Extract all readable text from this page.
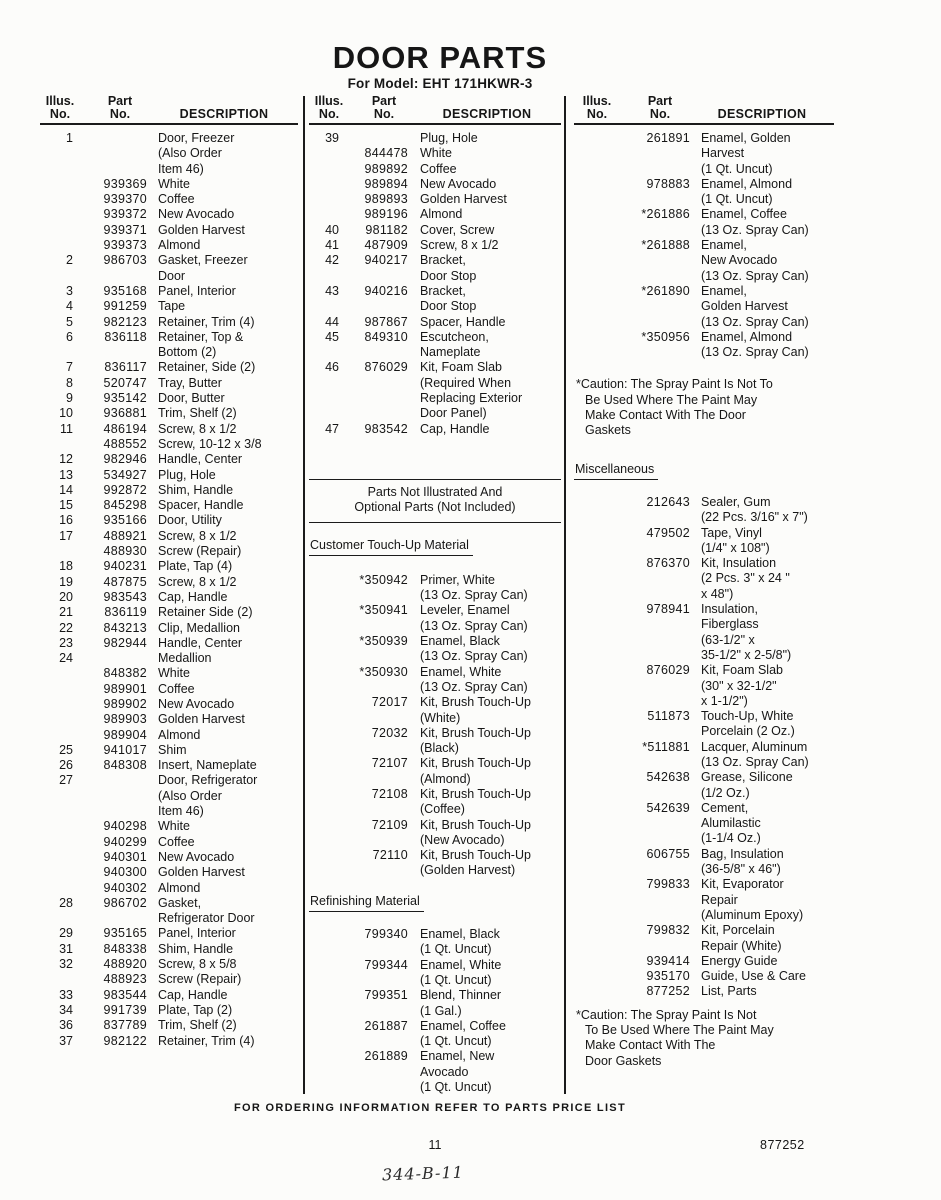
DOOR PARTS
For Model: EHT 171HKWR-3
Illus.
No.
Part
No.	DESCRIPTION
1	Door, Freezer
(Also Order
Item 46)
939369 White
939370 Coffee
939372 New Avocado
939371 Golden Harvest
939373 Almond
2	986703 Gasket, Freezer
Door
3	935168 Panel, Interior
4	991259 Tape
5	982123 Retainer, Trim (4)
6	836118 Retainer, Top &
Bottom (2)
7	836117 Retainer, Side (2)
8	520747 Tray, Butter
9	935142 Door, Butter
10	936881 Trim, Shelf (2)
11	486194 Screw, 8 x 1/2
488552 Screw, 10-12 x 3/8
12	982946 Handle, Center
13	534927 Plug, Hole
14	992872 Shim, Handle
15	845298 Spacer, Handle
16	935166 Door, Utility
17	488921 Screw, 8 x 1/2
488930 Screw (Repair)
18	940231 Plate, Tap (4)
19	487875 Screw, 8 x 1/2
20	983543 Cap, Handle
21	836119 Retainer Side (2)
22	843213 Clip, Medallion
23	982944 Handle, Center
24	Medallion
848382 White
989901 Coffee
989902 New Avocado
989903 Golden Harvest
989904 Almond
25	941017 Shim
26	848308 Insert, Nameplate
27	Door, Refrigerator
(Also Order
Item 46)
940298 White
940299 Coffee
940301 New Avocado
940300 Golden Harvest
940302 Almond
28	986702 Gasket,
Refrigerator Door
29	935165 Panel, Interior
31	848338 Shim, Handle
32	488920 Screw, 8 x 5/8
488923 Screw (Repair)
33	983544 Cap, Handle
34	991739 Plate, Tap (2)
36	837789 Trim, Shelf (2)
37	982122 Retainer, Trim (4)
Illus.
No.
Part
No.	DESCRIPTION
39	Plug, Hole
844478 White
989892 Coffee
989894 New Avocado
989893 Golden Harvest
989196 Almond
40	981182 Cover, Screw
41	487909 Screw, 8 x 1/2
42	940217 Bracket,
Door Stop
43	940216 Bracket,
Door Stop
44	987867 Spacer, Handle
45	849310 Escutcheon,
Nameplate
46	876029 Kit, Foam Slab
(Required When
Replacing Exterior
Door Panel)
47	983542 Cap, Handle
Parts Not Illustrated And
Optional Parts (Not Included)
Customer Touch-Up Material
*350942 Primer, White
(13 Oz. Spray Can)
*350941 Leveler, Enamel
(13 Oz. Spray Can)
*350939 Enamel, Black
(13 Oz. Spray Can)
*350930 Enamel, White
(13 Oz. Spray Can)
72017 Kit, Brush Touch-Up
(White)
72032 Kit, Brush Touch-Up
(Black)
72107 Kit, Brush Touch-Up
(Almond)
72108 Kit, Brush Touch-Up
(Coffee)
72109 Kit, Brush Touch-Up
(New Avocado)
72110 Kit, Brush Touch-Up
(Golden Harvest)
Refinishing Material
799340 Enamel, Black
(1 Qt. Uncut)
799344 Enamel, White
(1 Qt. Uncut)
799351 Blend, Thinner
(1 Gal.)
261887 Enamel, Coffee
(1 Qt. Uncut)
261889 Enamel, New
Avocado
(1 Qt. Uncut)
Illus.
No.
Part
No.	DESCRIPTION
261891 Enamel, Golden
Harvest
(1 Qt. Uncut)
978883 Enamel, Almond
(1 Qt. Uncut)
*261886 Enamel, Coffee
(13 Oz. Spray Can)
*261888 Enamel,
New Avocado
(13 Oz. Spray Can)
*261890 Enamel,
Golden Harvest
(13 Oz. Spray Can)
*350956 Enamel, Almond
(13 Oz. Spray Can)
*Caution: The Spray Paint Is Not To
Be Used Where The Paint May
Make Contact With The Door
Gaskets
Miscellaneous
212643 Sealer, Gum
(22 Pcs. 3/16" x 7")
479502 Tape, Vinyl
(1/4" x 108")
876370 Kit, Insulation
(2 Pcs. 3" x 24 "
x 48")
978941 Insulation,
Fiberglass
(63-1/2" x
35-1/2" x 2-5/8")
876029 Kit, Foam Slab
(30" x 32-1/2"
x 1-1/2")
511873 Touch-Up, White
Porcelain (2 Oz.)
*511881 Lacquer, Aluminum
(13 Oz. Spray Can)
542638 Grease, Silicone
(1/2 Oz.)
542639 Cement,
Alumilastic
(1-1/4 Oz.)
606755 Bag, Insulation
(36-5/8" x 46")
799833 Kit, Evaporator
Repair
(Aluminum Epoxy)
799832 Kit, Porcelain
Repair (White)
939414 Energy Guide
935170 Guide, Use & Care
877252 List, Parts
*Caution: The Spray Paint Is Not
To Be Used Where The Paint May
Make Contact With The
Door Gaskets
FOR ORDERING INFORMATION REFER TO PARTS PRICE LIST
11	877252
344-B-11
